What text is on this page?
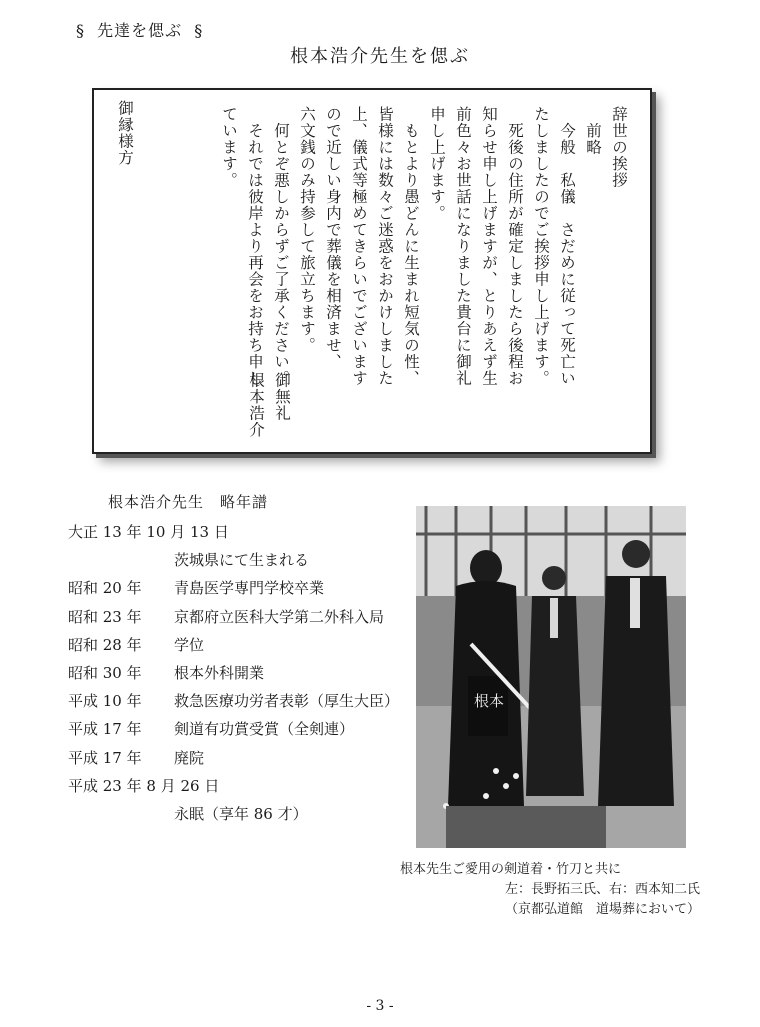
§ 先達を偲ぶ §
根本浩介先生を偲ぶ
辞世の挨拶
　前略
　今般　私儀　さだめに従って死亡い
たしましたのでご挨拶申し上げます。
　死後の住所が確定しましたら後程お
知らせ申し上げますが、とりあえず生
前色々お世話になりました貴台に御礼
申し上げます。
　もとより愚どんに生まれ短気の性、
皆様には数々ご迷惑をおかけしました
上、儀式等極めてきらいでございます
ので近しい身内で葬儀を相済ませ、
六文銭のみ持参して旅立ちます。
　何とぞ悪しからずご了承ください。
　それでは彼岸より再会をお持ち申し
ています。
御無礼
根本浩介
御縁様方
根本浩介先生　略年譜
大正 13 年 10 月 13 日
茨城県にて生まれる
昭和 20 年	青島医学専門学校卒業
昭和 23 年	京都府立医科大学第二外科入局
昭和 28 年	学位
昭和 30 年	根本外科開業
平成 10 年	救急医療功労者表彰（厚生大臣）
平成 17 年	剣道有功賞受賞（全剣連）
平成 17 年	廃院
平成 23 年 8 月 26 日
永眠（享年 86 才）
根本
根本先生ご愛用の剣道着・竹刀と共に
左：長野拓三氏、右：西本知二氏
（京都弘道館　道場葬において）
- 3 -
